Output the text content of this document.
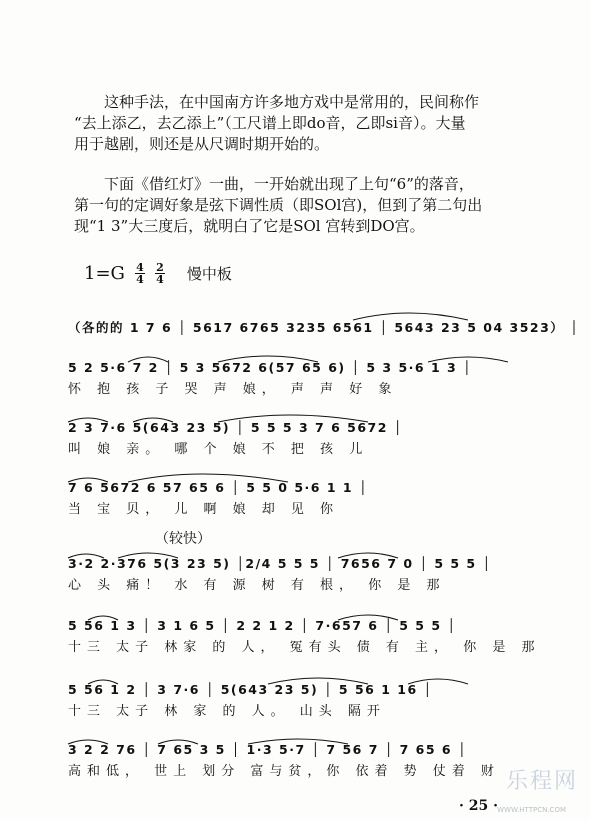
这种手法，在中国南方许多地方戏中是常用的，民间称作
“去上添乙，去乙添上”（工尺谱上即do音，乙即si音）。大量
用于越剧，则还是从尺调时期开始的。
下面《借红灯》一曲，一开始就出现了上句“6”的落音，
第一句的定调好象是弦下调性质（即SOl宫)，但到了第二句出
现“1 3”大三度后，就明白了它是SOl 宫转到DO宫。
$1=G \frac{4}{4} \frac{2}{4}$ 慢中板
（各的的 1 7 6 │ 5617 6765 3235 6561 │ 5643 23 5 04 3523） │
5 2 5·6 7 2 │ 5 3 5672 6(57 65 6) │ 5 3 5·6 1 3 │
怀 抱 孩 子 哭 声 娘， 声 声 好 象
2 3 7·6 5(643 23 5) │ 5 5 5 3 7 6 5672 │
叫 娘 亲。 哪 个 娘 不 把 孩 儿
7 6 5672 6 57 65 6 │ 5 5 0 5·6 1 1 │
当 宝 贝， 儿 啊 娘 却 见 你
（较快）
3·2 2·376 5(3 23 5) │2/4 5 5 5 │ 7656 7 0 │ 5 5 5 │
心 头 痛！ 水 有 源 树 有 根， 你 是 那
5 56 1 3 │ 3 1 6 5 │ 2 2 1 2 │ 7·657 6 │ 5 5 5 │
十三 太子 林家 的 人， 冤有头 债 有 主， 你 是 那
5 56 1 2 │ 3 7·6 │ 5(643 23 5) │ 5 56 1 16 │
十三 太子 林 家 的 人。 山头 隔开
3 2 2 76 │ 7 65 3 5 │ 1·3 5·7 │ 7 56 7 │ 7 65 6 │
高和低， 世上 划分 富与贫，你 依着 势 仗着 财 乐程网
· 25 · WWW.HTTPCN.COM
